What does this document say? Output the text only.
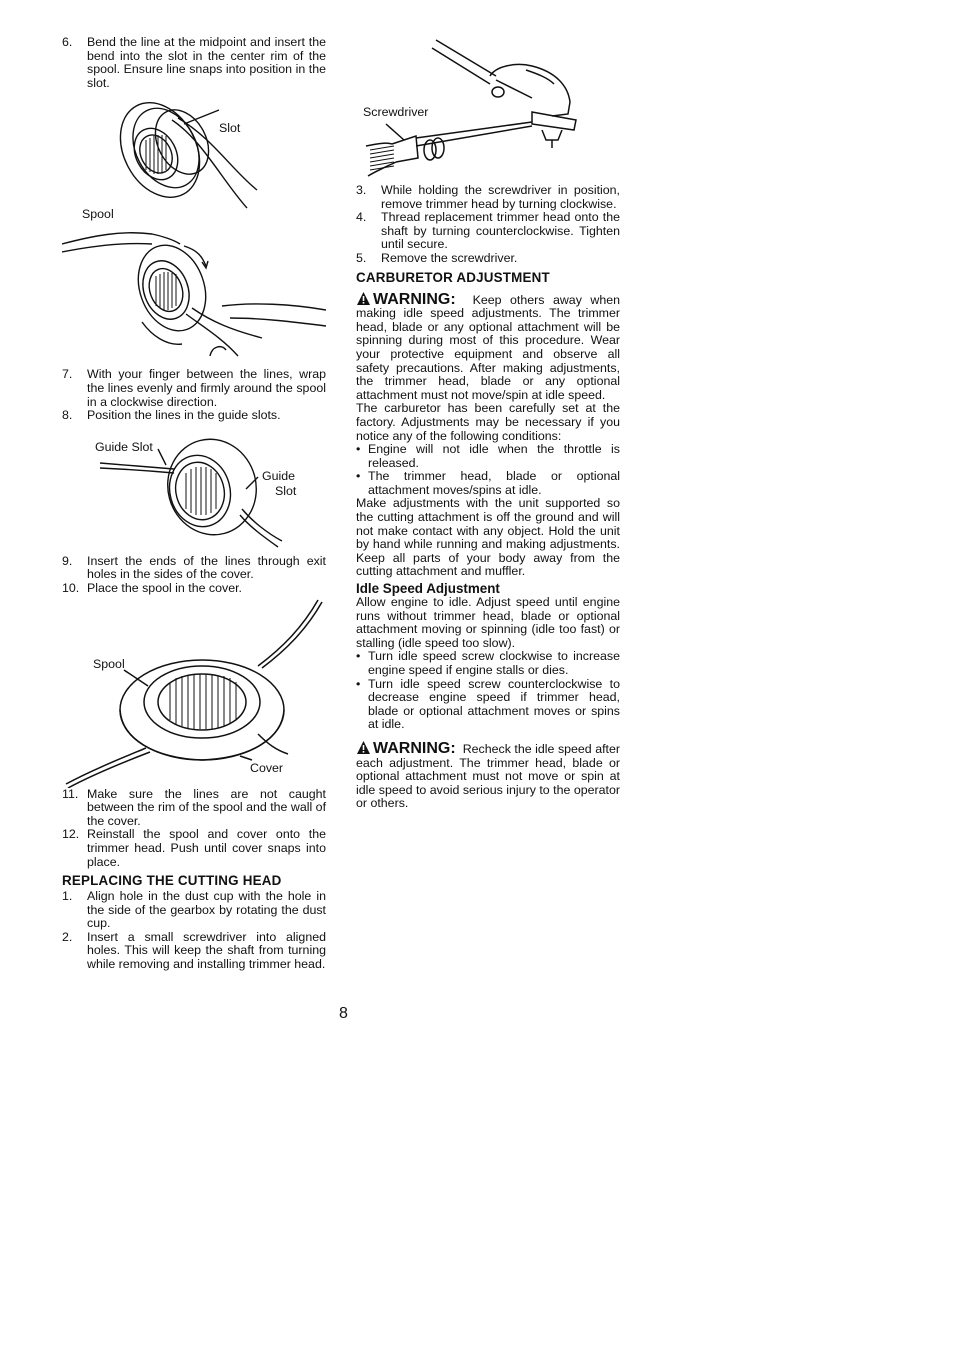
6.	Bend the line at the midpoint and insert the bend into the slot in the center rim of the spool. Ensure line snaps into position in the slot.
Slot
Spool
7.	With your finger between the lines, wrap the lines evenly and firmly around the spool in a clockwise direction.
8.	Position the lines in the guide slots.
Guide Slot
Guide
Slot
9.	Insert the ends of the lines through exit holes in the sides of the cover.
10. Place the spool in the cover.
Spool
Cover
11. Make sure the lines are not caught between the rim of the spool and the wall of the cover.
12. Reinstall the spool and cover onto the trimmer head. Push until cover snaps into place.
REPLACING THE CUTTING HEAD
1.	Align hole in the dust cup with the hole in the side of the gearbox by rotating the dust cup.
2.	Insert a small screwdriver into aligned holes. This will keep the shaft from turning while removing and installing trimmer head.
Screwdriver
3.	While holding the screwdriver in position, remove trimmer head by turning clockwise.
4.	Thread replacement trimmer head onto the shaft by turning counterclockwise. Tighten until secure.
5.	Remove the screwdriver.
CARBURETOR ADJUSTMENT

WARNING: Keep others away when making idle speed adjustments. The trimmer head, blade or any optional attachment will be spinning during most of this procedure. Wear your protective equipment and observe all safety precautions. After making adjustments, the trimmer head, blade or any optional attachment must not move/spin at idle speed.

The carburetor has been carefully set at the factory. Adjustments may be necessary if you notice any of the following conditions:

• Engine will not idle when the throttle is released.
• The trimmer head, blade or optional attachment moves/spins at idle.

Make adjustments with the unit supported so the cutting attachment is off the ground and will not make contact with any object. Hold the unit by hand while running and making adjustments. Keep all parts of your body away from the cutting attachment and muffler.

Idle Speed Adjustment

Allow engine to idle. Adjust speed until engine runs without trimmer head, blade or optional attachment moving or spinning (idle too fast) or stalling (idle speed too slow).

• Turn idle speed screw clockwise to increase engine speed if engine stalls or dies.
• Turn idle speed screw counterclockwise to decrease engine speed if trimmer head, blade or optional attachment moves or spins at idle.

WARNING: Recheck the idle speed after each adjustment. The trimmer head, blade or optional attachment must not move or spin at idle speed to avoid serious injury to the operator or others.

8
